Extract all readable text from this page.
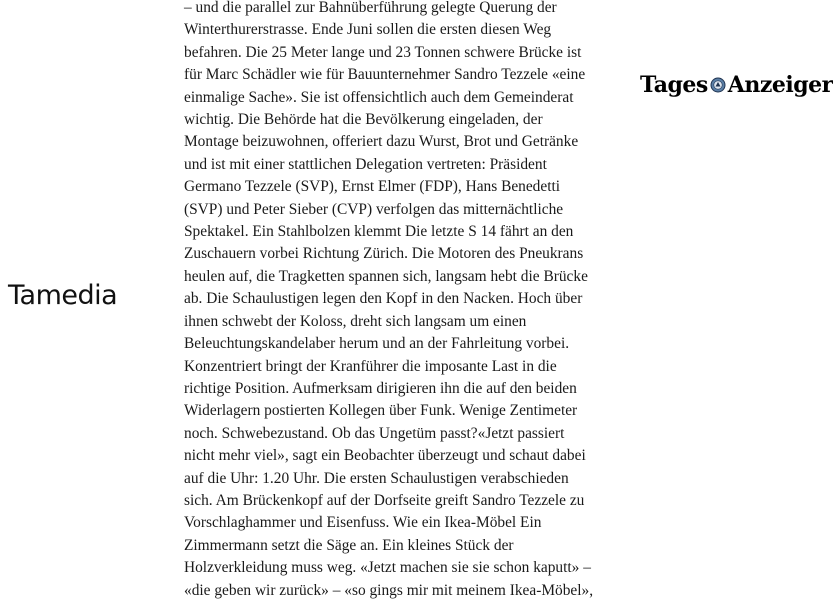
Tamedia
– und die parallel zur Bahnüberführung gelegte Querung der
Winterthurerstrasse. Ende Juni sollen die ersten diesen Weg
befahren. Die 25 Meter lange und 23 Tonnen schwere Brücke ist
für Marc Schädler wie für Bauunternehmer Sandro Tezzele «eine
einmalige Sache». Sie ist offensichtlich auch dem Gemeinderat
wichtig. Die Behörde hat die Bevölkerung eingeladen, der
Montage beizuwohnen, offeriert dazu Wurst, Brot und Getränke
und ist mit einer stattlichen Delegation vertreten: Präsident
Germano Tezzele (SVP), Ernst Elmer (FDP), Hans Benedetti
(SVP) und Peter Sieber (CVP) verfolgen das mitternächtliche
Spektakel. Ein Stahlbolzen klemmt Die letzte S 14 fährt an den
Zuschauern vorbei Richtung Zürich. Die Motoren des Pneukrans
heulen auf, die Tragketten spannen sich, langsam hebt die Brücke
ab. Die Schaulustigen legen den Kopf in den Nacken. Hoch über
ihnen schwebt der Koloss, dreht sich langsam um einen
Beleuchtungskandelaber herum und an der Fahrleitung vorbei.
Konzentriert bringt der Kranführer die imposante Last in die
richtige Position. Aufmerksam dirigieren ihn die auf den beiden
Widerlagern postierten Kollegen über Funk. Wenige Zentimeter
noch. Schwebezustand. Ob das Ungetüm passt?«Jetzt passiert
nicht mehr viel», sagt ein Beobachter überzeugt und schaut dabei
auf die Uhr: 1.20 Uhr. Die ersten Schaulustigen verabschieden
sich. Am Brückenkopf auf der Dorfseite greift Sandro Tezzele zu
Vorschlaghammer und Eisenfuss. Wie ein Ikea-Möbel Ein
Zimmermann setzt die Säge an. Ein kleines Stück der
Holzverkleidung muss weg. «Jetzt machen sie sie schon kaputt» –
«die geben wir zurück» – «so gings mir mit meinem Ikea-Möbel»,
Tages Anzeiger
